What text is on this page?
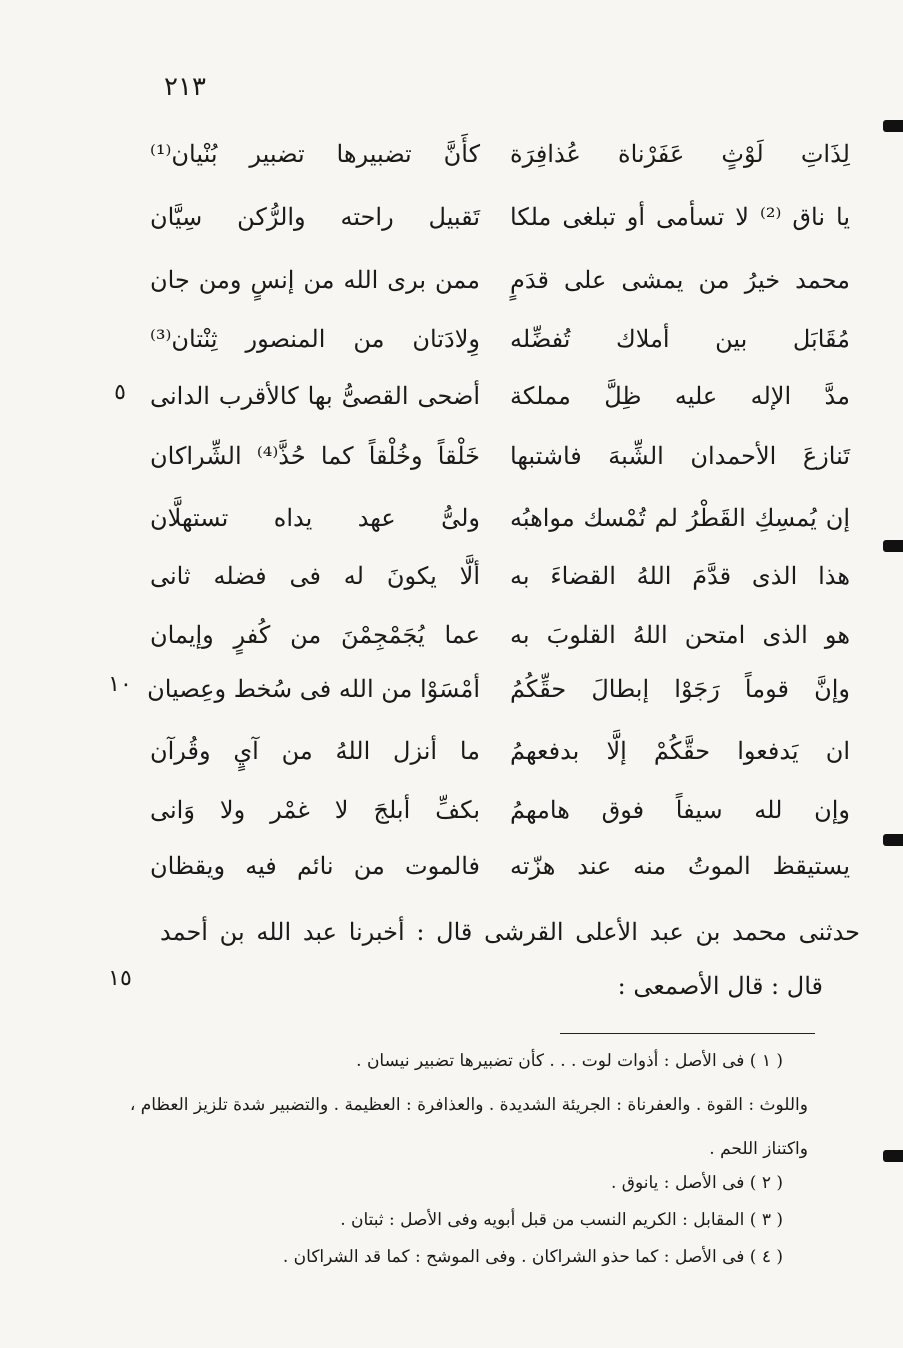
٢١٣
لِذَاتِ لَوْثٍ عَفَرْناة عُذافِرَة
كأَنَّ تضبيرها تضبير بُنْيان⁽¹⁾
يا ناق ⁽²⁾ لا تسأمى أو تبلغى ملكا
تَقبيل راحته والرُّكن سِيَّان
محمد خيرُ من يمشى على قدَمٍ
ممن برى الله من إنسٍ ومن جان
مُقَابَل بين أملاك تُفضِّله
وِلادَتان من المنصور ثِنْتان⁽³⁾
مدَّ الإله عليه ظِلَّ مملكة
أضحى القصىُّ بها كالأقرب الدانى
٥
تَنازعَ الأحمدان الشِّبهَ فاشتبها
خَلْقاً وخُلْقاً كما حُذَّ⁽⁴⁾ الشِّراكان
إن يُمسِكِ القَطْرُ لم تُمْسك مواهبُه
ولىُّ عهد يداه تستهلَّان
هذا الذى قدَّمَ اللهُ القضاءَ به
ألَّا يكونَ له فى فضله ثانى
هو الذى امتحن اللهُ القلوبَ به
عما يُجَمْجِمْنَ من كُفرٍ وإيمان
وإنَّ قوماً رَجَوْا إبطالَ حقِّكُمُ
أمْسَوْا من الله فى سُخط وعِصيان
١٠
ان يَدفعوا حقَّكُمْ إلَّا بدفعهمُ
ما أنزل اللهُ من آيٍ وقُرآن
وإن لله سيفاً فوق هامهمُ
بكفِّ أبلجَ لا غمْر ولا وَانى
يستيقظ الموتُ منه عند هزّته
فالموت من نائم فيه ويقظان
حدثنى محمد بن عبد الأعلى القرشى قال : أخبرنا عبد الله بن أحمد
قال : قال الأصمعى :
١٥
( ١ ) فى الأصل : أذوات لوت . . . كأن تضبيرها تضبير نيسان .
واللوث : القوة . والعفرناة : الجريئة الشديدة . والعذافرة : العظيمة . والتضبير شدة تلزيز العظام ،
واكتناز اللحم .
( ٢ ) فى الأصل : يانوق .
( ٣ ) المقابل : الكريم النسب من قبل أبويه وفى الأصل : ثبتان .
( ٤ ) فى الأصل : كما حذو الشراكان . وفى الموشح : كما قد الشراكان .
